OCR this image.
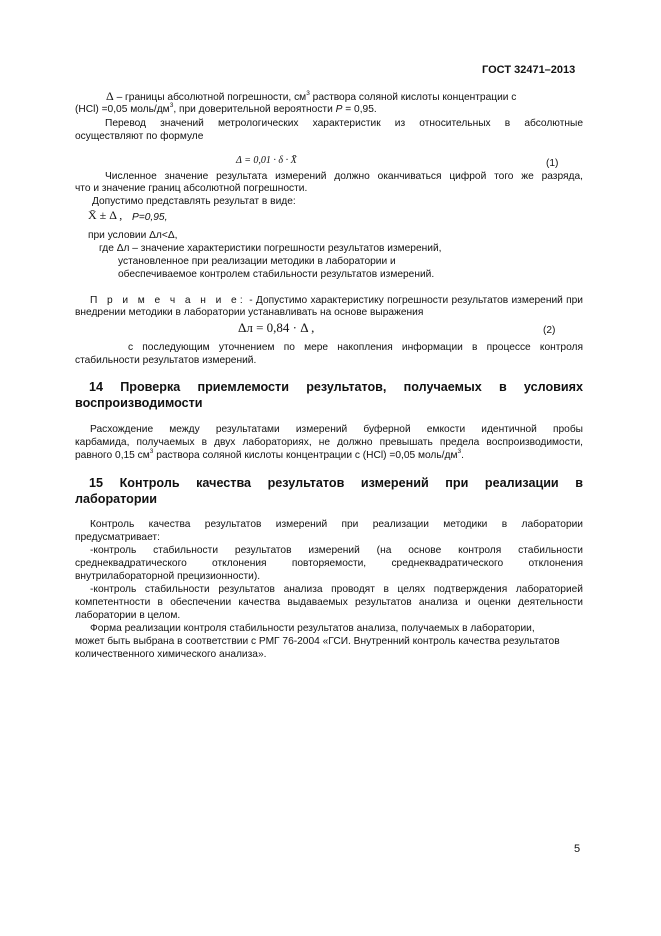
ГОСТ 32471–2013
Δ – границы абсолютной погрешности, $см^3$ раствора соляной кислоты концентрации с
(HCl) =0,05 моль/$дм^3$, при доверительной вероятности P = 0,95.
Перевод значений метрологических характеристик из относительных в абсолютные
осуществляют по формуле
Δ = 0,01 · δ · X̄	(1)
Численное значение результата измерений должно оканчиваться цифрой того же разряда,
что и значение границ абсолютной погрешности.
Допустимо представлять результат в виде:
X̄ ± Δ , P=0,95,
при условии Δл<Δ,
где Δл – значение характеристики погрешности результатов измерений,
установленное при реализации методики в лаборатории и
обеспечиваемое контролем стабильности результатов измерений.
П р и м е ч а н и е: - Допустимо характеристику погрешности результатов измерений при
внедрении методики в лаборатории устанавливать на основе выражения
Δл = 0,84 · Δ ,	(2)
с последующим уточнением по мере накопления информации в процессе контроля
стабильности результатов измерений.
14 Проверка приемлемости результатов, получаемых в условиях
воспроизводимости
Расхождение между результатами измерений буферной емкости идентичной пробы
карбамида, получаемых в двух лабораториях, не должно превышать предела воспроизводимости,
равного 0,15 $см^3$ раствора соляной кислоты концентрации с (HCl) =0,05 моль/$дм^3$.
15 Контроль качества результатов измерений при реализации в
лаборатории
Контроль качества результатов измерений при реализации методики в лаборатории
предусматривает:
-контроль стабильности результатов измерений (на основе контроля стабильности
среднеквадратического отклонения повторяемости, среднеквадратического отклонения
внутрилабораторной прецизионности).
-контроль стабильности результатов анализа проводят в целях подтверждения лабораторией
компетентности в обеспечении качества выдаваемых результатов анализа и оценки деятельности
лаборатории в целом.
Форма реализации контроля стабильности результатов анализа, получаемых в лаборатории,
может быть выбрана в соответствии с РМГ 76-2004 «ГСИ. Внутренний контроль качества результатов
количественного химического анализа».
5
